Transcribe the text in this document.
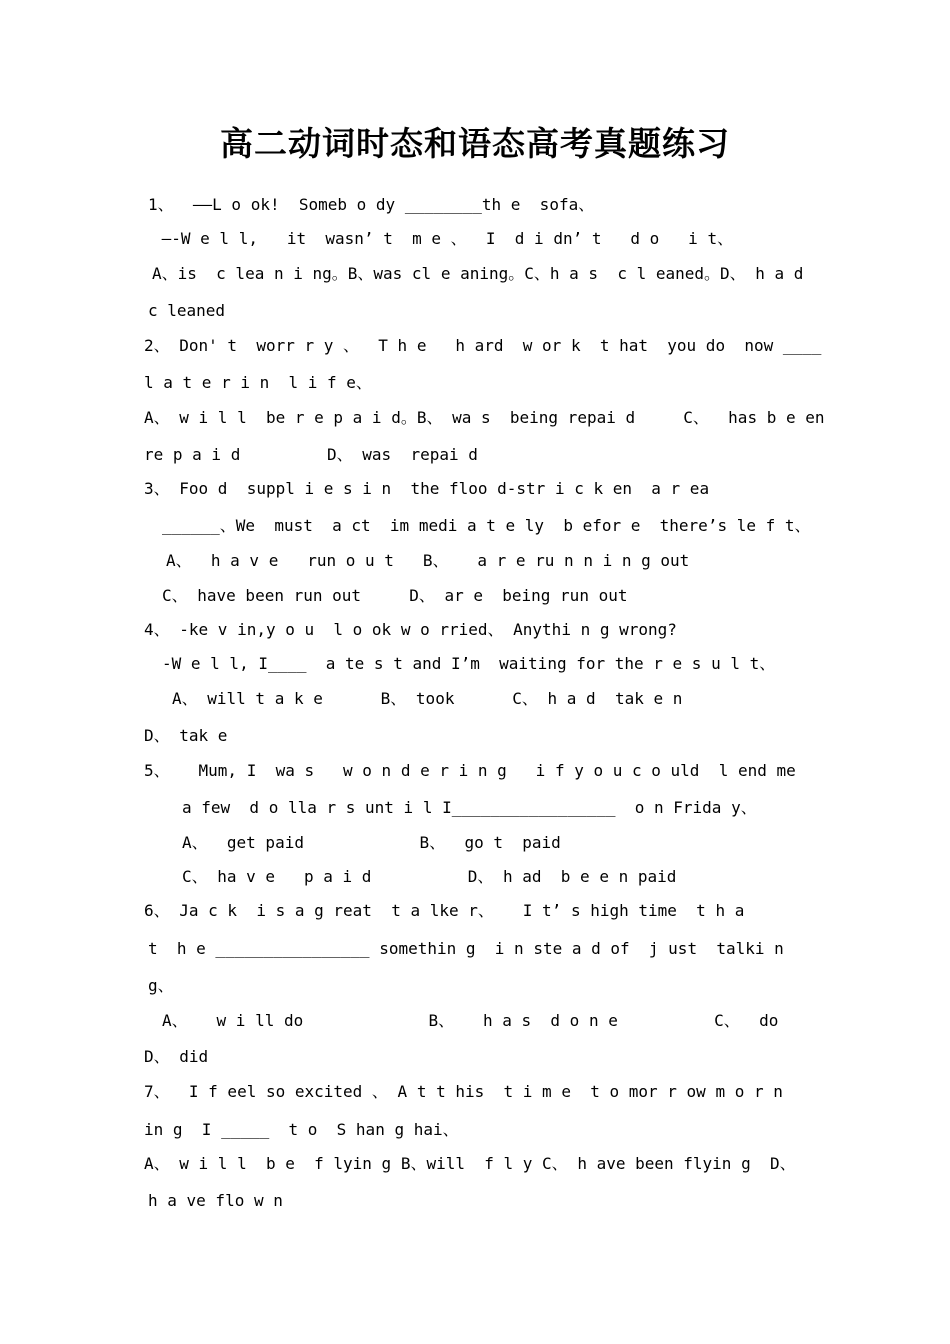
高二动词时态和语态高考真题练习
1、  ——L o ok!  Someb o dy ________th e  sofa、
—-W e l l,   it  wasn’ t  m e 、  I  d i dn’ t   d o   i t、
A、is  c lea n i ng。B、was cl e aning。C、h a s  c l eaned。D、 h a d
c leaned
2、 Don' t  worr r y 、  T h e   h ard  w or k  t hat  you do  now ____
l a t e r i n  l i f e、
A、 w i l l  be r e p a i d。B、 wa s  being repai d     C、  has b e en
re p a i d         D、 was  repai d
3、 Foo d  suppl i e s i n  the floo d-str i c k en  a r ea
______、We  must  a ct  im medi a t e ly  b efor e  there’s le f t、
A、  h a v e   run o u t   B、   a r e ru n n i n g out
C、 have been run out     D、 ar e  being run out
4、 -ke v in,y o u  l o ok w o rried、 Anythi n g wrong?
-W e l l, I____  a te s t and I’m  waiting for the r e s u l t、
A、 will t a k e      B、 took      C、 h a d  tak e n
D、 tak e
5、   Mum, I  wa s   w o n d e r i n g   i f y o u c o uld  l end me
a few  d o lla r s unt i l I_________________  o n Frida y、
A、  get paid            B、  go t  paid
C、 ha v e   p a i d          D、 h ad  b e e n paid
6、 Ja c k  i s a g reat  t a lke r、   I t’ s high time  t h a
t  h e ________________ somethin g  i n ste a d of  j ust  talki n
g、
A、   w i ll do             B、   h a s  d o n e          C、  do
D、 did
7、  I f eel so excited 、 A t t his  t i m e  t o mor r ow m o r n
in g  I _____  t o  S han g hai、
A、 w i l l  b e  f lyin g B、will  f l y C、 h ave been flyin g  D、
h a ve flo w n
